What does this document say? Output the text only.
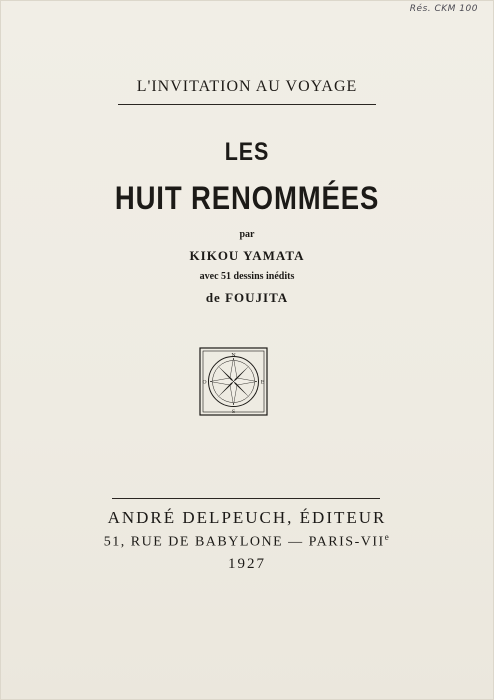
Rés. CKM 100
L'INVITATION AU VOYAGE
LES
HUIT RENOMMÉES
par
KIKOU YAMATA
avec 51 dessins inédits
de FOUJITA
N
S
E
O
ANDRÉ DELPEUCH, ÉDITEUR
51, RUE DE BABYLONE — PARIS-VIIe
1927
